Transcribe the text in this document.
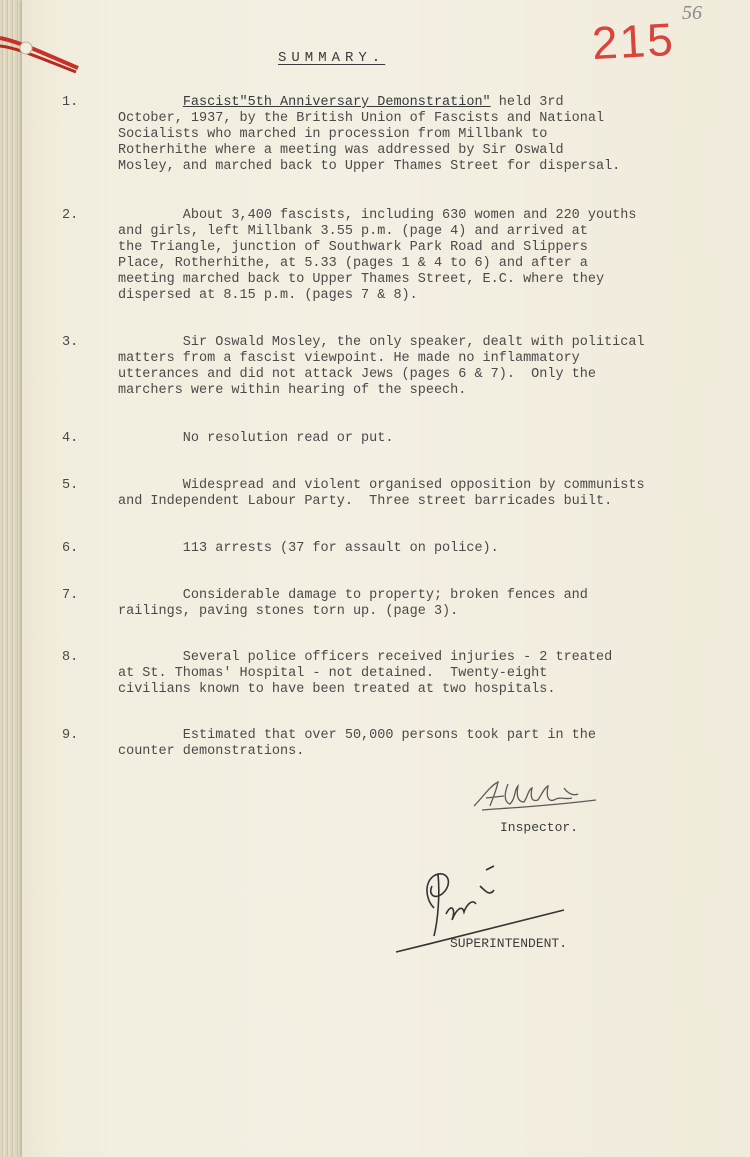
215 56
SUMMARY.
1.	Fascist"5th Anniversary Demonstration" held 3rd
October, 1937, by the British Union of Fascists and National
Socialists who marched in procession from Millbank to
Rotherhithe where a meeting was addressed by Sir Oswald
Mosley, and marched back to Upper Thames Street for dispersal.
2.	About 3,400 fascists, including 630 women and 220 youths
and girls, left Millbank 3.55 p.m. (page 4) and arrived at
the Triangle, junction of Southwark Park Road and Slippers
Place, Rotherhithe, at 5.33 (pages 1 & 4 to 6) and after a
meeting marched back to Upper Thames Street, E.C. where they
dispersed at 8.15 p.m. (pages 7 & 8).
3.	Sir Oswald Mosley, the only speaker, dealt with political
matters from a fascist viewpoint. He made no inflammatory
utterances and did not attack Jews (pages 6 & 7).  Only the
marchers were within hearing of the speech.
4.	No resolution read or put.
5.	Widespread and violent organised opposition by communists
and Independent Labour Party.  Three street barricades built.
6.	113 arrests (37 for assault on police).
7.	Considerable damage to property; broken fences and
railings, paving stones torn up. (page 3).
8.	Several police officers received injuries - 2 treated
at St. Thomas' Hospital - not detained.  Twenty-eight
civilians known to have been treated at two hospitals.
9.	Estimated that over 50,000 persons took part in the
counter demonstrations.
Inspector.
SUPERINTENDENT.
